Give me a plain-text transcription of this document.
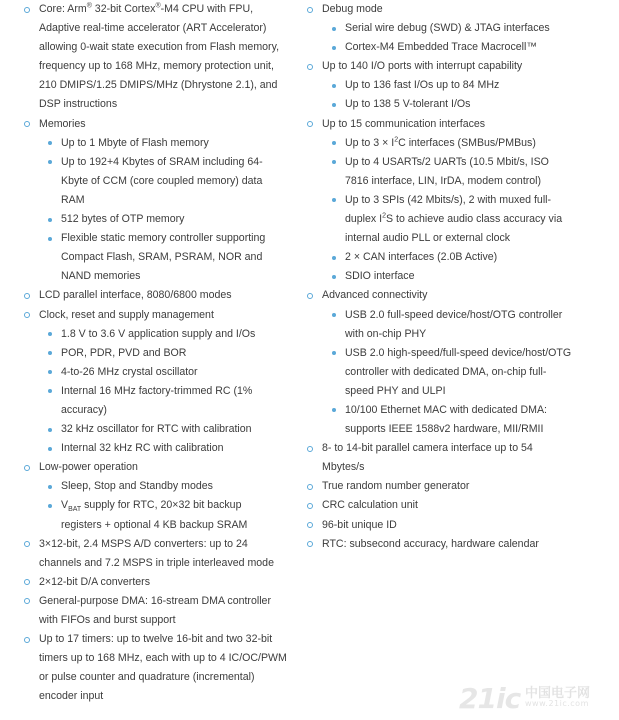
Core: Arm® 32-bit Cortex®-M4 CPU with FPU,
Adaptive real-time accelerator (ART Accelerator)
allowing 0-wait state execution from Flash memory,
frequency up to 168 MHz, memory protection unit,
210 DMIPS/1.25 DMIPS/MHz (Dhrystone 2.1), and
DSP instructions
Memories
Up to 1 Mbyte of Flash memory
Up to 192+4 Kbytes of SRAM including 64-
Kbyte of CCM (core coupled memory) data
RAM
512 bytes of OTP memory
Flexible static memory controller supporting
Compact Flash, SRAM, PSRAM, NOR and
NAND memories
LCD parallel interface, 8080/6800 modes
Clock, reset and supply management
1.8 V to 3.6 V application supply and I/Os
POR, PDR, PVD and BOR
4-to-26 MHz crystal oscillator
Internal 16 MHz factory-trimmed RC (1%
accuracy)
32 kHz oscillator for RTC with calibration
Internal 32 kHz RC with calibration
Low-power operation
Sleep, Stop and Standby modes
$V_{BAT}$ supply for RTC, 20×32 bit backup
registers + optional 4 KB backup SRAM
3×12-bit, 2.4 MSPS A/D converters: up to 24
channels and 7.2 MSPS in triple interleaved mode
2×12-bit D/A converters
General-purpose DMA: 16-stream DMA controller
with FIFOs and burst support
Up to 17 timers: up to twelve 16-bit and two 32-bit
timers up to 168 MHz, each with up to 4 IC/OC/PWM
or pulse counter and quadrature (incremental)
encoder input
Debug mode
Serial wire debug (SWD) & JTAG interfaces
Cortex-M4 Embedded Trace Macrocell™
Up to 140 I/O ports with interrupt capability
Up to 136 fast I/Os up to 84 MHz
Up to 138 5 V-tolerant I/Os
Up to 15 communication interfaces
Up to $3 \times I^2C$ interfaces (SMBus/PMBus)
Up to 4 USARTs/2 UARTs (10.5 Mbit/s, ISO
7816 interface, LIN, IrDA, modem control)
Up to 3 SPIs (42 Mbits/s), 2 with muxed full-
duplex $I^2S$ to achieve audio class accuracy via
internal audio PLL or external clock
2 × CAN interfaces (2.0B Active)
SDIO interface
Advanced connectivity
USB 2.0 full-speed device/host/OTG controller
with on-chip PHY
USB 2.0 high-speed/full-speed device/host/OTG
controller with dedicated DMA, on-chip full-
speed PHY and ULPI
10/100 Ethernet MAC with dedicated DMA:
supports IEEE 1588v2 hardware, MII/RMII
8- to 14-bit parallel camera interface up to 54
Mbytes/s
True random number generator
CRC calculation unit
96-bit unique ID
RTC: subsecond accuracy, hardware calendar
21ic 中国电子网
www.21ic.com
